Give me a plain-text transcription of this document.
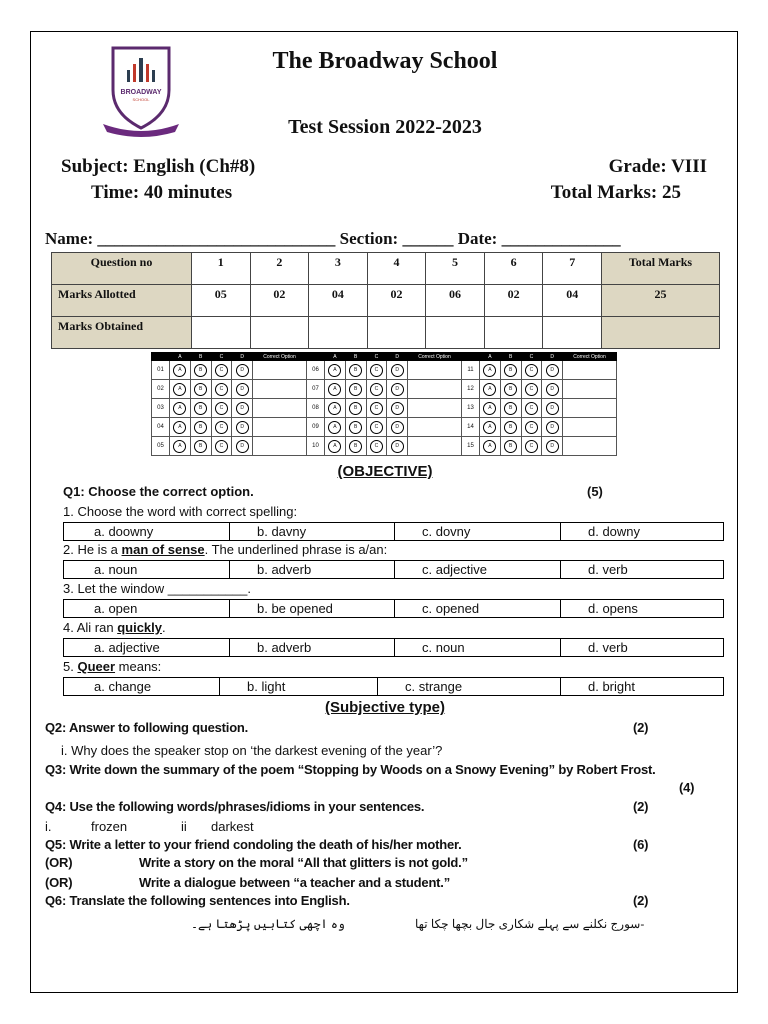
BROADWAY
SCHOOL
The Broadway School
Test Session 2022-2023
Subject: English (Ch#8)	Grade: VIII
Time: 40 minutes	Total Marks: 25
Name: ____________________________ Section: ______ Date: ______________
Question no	1	2	3	4	5	6	7	Total Marks
Marks Allotted	05	02	04	02	06	02	04	25
Marks Obtained								
	A	B	C	D	Correct Option		A	B	C	D	Correct Option		A	B	C	D	Correct Option
01	A	B	C	D		06	A	B	C	D		11	A	B	C	D	
02	A	B	C	D		07	A	B	C	D		12	A	B	C	D	
03	A	B	C	D		08	A	B	C	D		13	A	B	C	D	
04	A	B	C	D		09	A	B	C	D		14	A	B	C	D	
05	A	B	C	D		10	A	B	C	D		15	A	B	C	D	
(OBJECTIVE)
Q1: Choose the correct option.	(5)
1. Choose the word with correct spelling:
a. doowny	b. davny	c. dovny	d. downy
2. He is a man of sense. The underlined phrase is a/an:
a. noun	b. adverb	c. adjective	d. verb
3. Let the window ___________.
a. open	b. be opened	c. opened	d. opens
4. Ali ran quickly.
a. adjective	b. adverb	c. noun	d. verb
5. Queer means:
a. change	b. light	c. strange	d. bright
(Subjective type)
Q2: Answer to following question.	(2)
i. Why does the speaker stop on ‘the darkest evening of the year’?
Q3: Write down the summary of the poem “Stopping by Woods on a Snowy Evening” by Robert Frost.
(4)
Q4: Use the following words/phrases/idioms in your sentences.	(2)
i.	frozen	ii darkest
Q5: Write a letter to your friend condoling the death of his/her mother.	(6)
(OR)	Write a story on the moral “All that glitters is not gold.”
(OR)	Write a dialogue between “a teacher and a student.”
Q6: Translate the following sentences into English.	(2)
-سورج نکلنے سے پہلے شکاری جال بچھا چکا تھا
وہ اچھی کتابیں پڑھتا ہے۔
